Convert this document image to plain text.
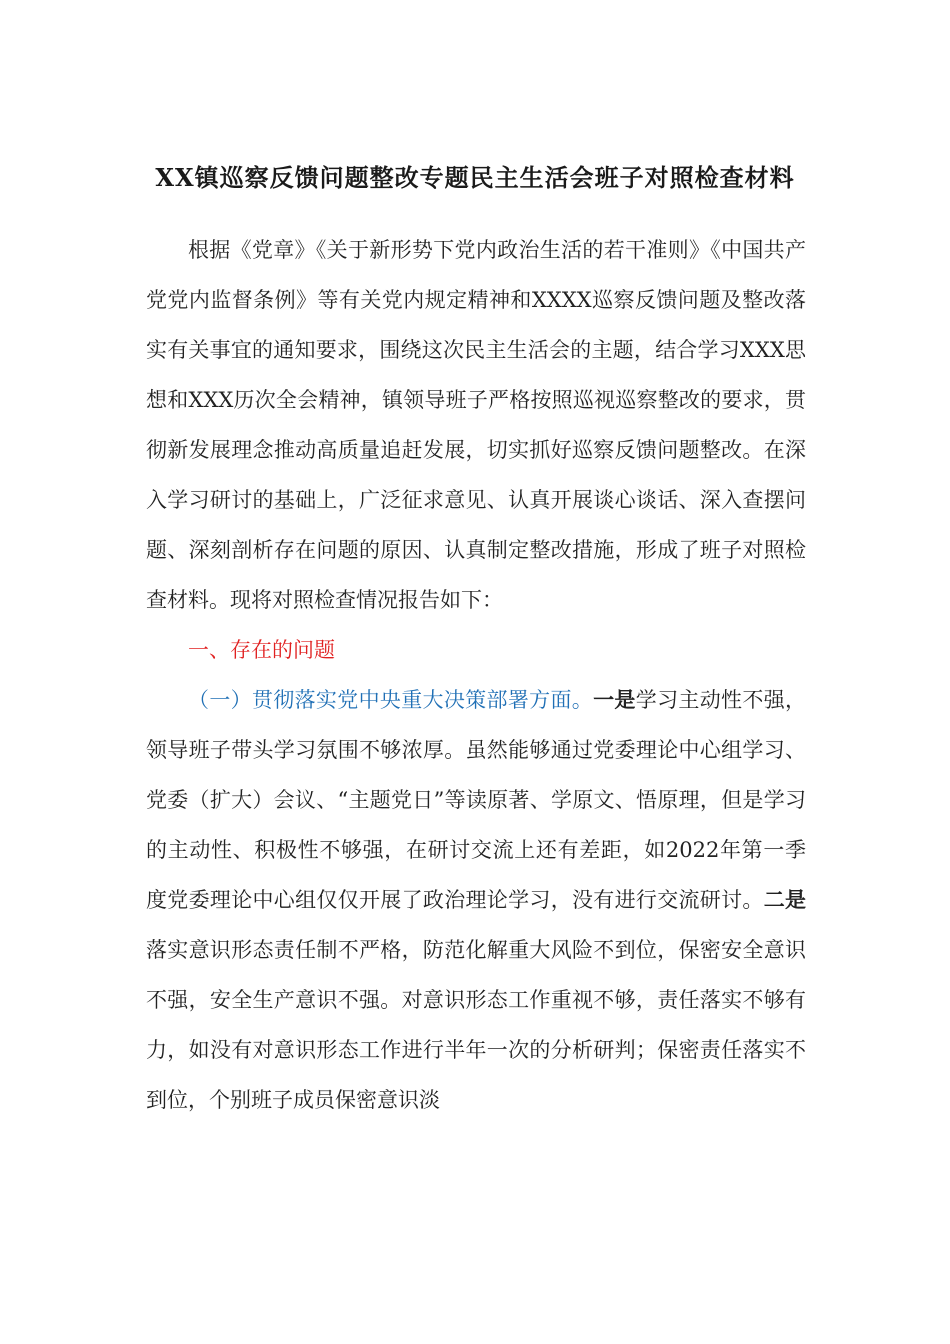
XX镇巡察反馈问题整改专题民主生活会班子对照检查材料

根据《党章》《关于新形势下党内政治生活的若干准则》《中国共产党党内监督条例》等有关党内规定精神和XXXX巡察反馈问题及整改落实有关事宜的通知要求，围绕这次民主生活会的主题，结合学习XXX思想和XXX历次全会精神，镇领导班子严格按照巡视巡察整改的要求，贯彻新发展理念推动高质量追赶发展，切实抓好巡察反馈问题整改。在深入学习研讨的基础上，广泛征求意见、认真开展谈心谈话、深入查摆问题、深刻剖析存在问题的原因、认真制定整改措施，形成了班子对照检查材料。现将对照检查情况报告如下：

一、存在的问题

（一）贯彻落实党中央重大决策部署方面。一是学习主动性不强，领导班子带头学习氛围不够浓厚。虽然能够通过党委理论中心组学习、党委（扩大）会议、“主题党日”等读原著、学原文、悟原理，但是学习的主动性、积极性不够强，在研讨交流上还有差距，如2022年第一季度党委理论中心组仅仅开展了政治理论学习，没有进行交流研讨。二是落实意识形态责任制不严格，防范化解重大风险不到位，保密安全意识不强，安全生产意识不强。对意识形态工作重视不够，责任落实不够有力，如没有对意识形态工作进行半年一次的分析研判；保密责任落实不到位，个别班子成员保密意识淡
